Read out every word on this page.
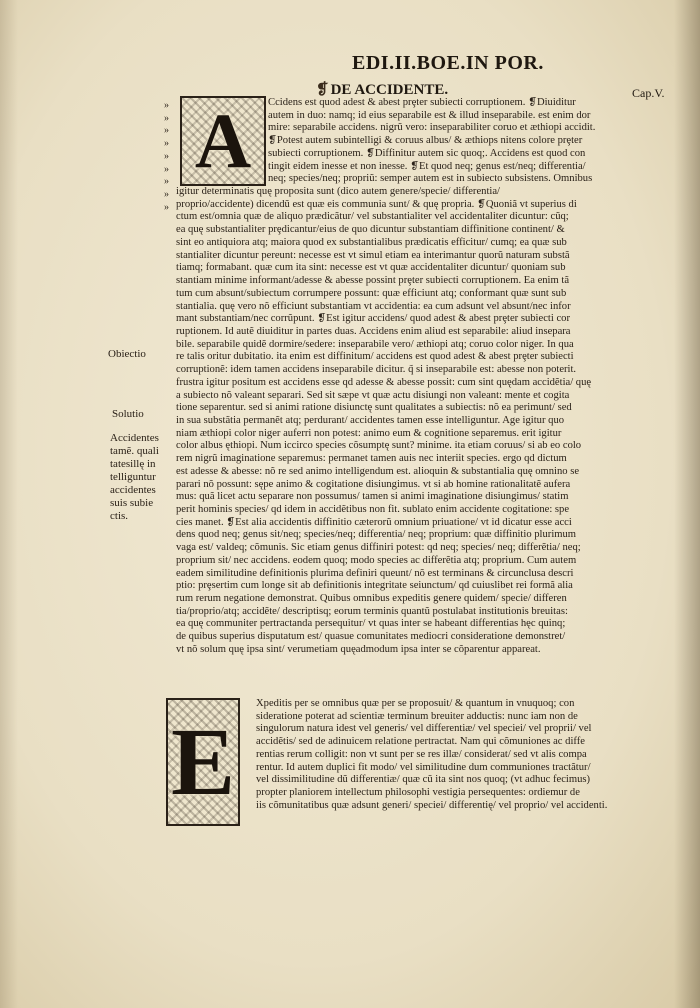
EDI.II.BOE.IN POR.
❡ DE ACCIDENTE.	Cap.V.
A
»
»
»
»
»
»
»
»
»
Ccidens est quod adest & abest prȩter subiecti corruptionem. ❡Diuiditur
autem in duo: namq; id eius separabile est & illud inseparabile. est enim dor
mire: separabile accidens. nigrũ vero: inseparabiliter coruo et æthiopi accidit.
❡Potest autem subintelligi & coruus albus/ & æthiops nitens colore prȩter
subiecti corruptionem. ❡Diffinitur autem sic quoq;. Accidens est quod con
tingit eidem inesse et non inesse. ❡Et quod neq; genus est/neq; differentia/
neq; species/neq; propriũ: semper autem est in subiecto subsistens. Omnibus
igitur determinatis quę proposita sunt (dico autem genere/specie/ differentia/
proprio/accidente) dicendũ est quæ eis communia sunt/ & quę propria. ❡Quoniã vt superius di
ctum est/omnia quæ de aliquo prædicãtur/ vel substantialiter vel accidentaliter dicuntur: cũq;
ea quę substantialiter prȩdicantur/eius de quo dicuntur substantiam diffinitione continent/ &
sint eo antiquiora atq; maiora quod ex substantialibus prædicatis efficitur/ cumq; ea quæ sub
stantialiter dicuntur pereunt: necesse est vt simul etiam ea interimantur quorũ naturam substã
tiamq; formabant. quæ cum ita sint: necesse est vt quæ accidentaliter dicuntur/ quoniam sub
stantiam minime informant/adesse & abesse possint prȩter subiecti corruptionem. Ea enim tã
tum cum absunt/subiectum corrumpere possunt: quæ efficiunt atq; conformant quæ sunt sub
stantialia. quę vero nõ efficiunt substantiam vt accidentia: ea cum adsunt vel absunt/nec infor
mant substantiam/nec corrũpunt. ❡Est igitur accidens/ quod adest & abest prȩter subiecti cor
ruptionem. Id autẽ diuiditur in partes duas. Accidens enim aliud est separabile: aliud insepara
bile. separabile quidẽ dormire/sedere: inseparabile vero/ æthiopi atq; coruo color niger. In qua
re talis oritur dubitatio. ita enim est diffinitum/ accidens est quod adest & abest prȩter subiecti
corruptionẽ: idem tamen accidens inseparabile dicitur. q̃ si inseparabile est: abesse non poterit.
frustra igitur positum est accidens esse qd adesse & abesse possit: cum sint quędam accidẽtia/ quę
a subiecto nõ valeant separari. Sed sit sæpe vt quæ actu disiungi non valeant: mente et cogita
tione separentur. sed si animi ratione disiunctę sunt qualitates a subiectis: nõ ea perimunt/ sed
in sua substãtia permanẽt atq; perdurant/ accidentes tamen esse intelliguntur. Age igitur quo
niam æthiopi color niger auferri non potest: animo eum & cognitione separemus. erit igitur
color albus ęthiopi. Num iccirco species cõsumptę sunt? minime. ita etiam coruus/ si ab eo colo
rem nigrũ imaginatione separemus: permanet tamen auis nec interiit species. ergo qd dictum
est adesse & abesse: nõ re sed animo intelligendum est. alioquin & substantialia quę omnino se
parari nõ possunt: sępe animo & cogitatione disiungimus. vt si ab homine rationalitatẽ aufera
mus: quã licet actu separare non possumus/ tamen si animi imaginatione disiungimus/ statim
perit hominis species/ qd idem in accidẽtibus non fit. sublato enim accidente cogitatione: spe
cies manet. ❡Est alia accidentis diffinitio cæterorũ omnium priuatione/ vt id dicatur esse acci
dens quod neq; genus sit/neq; species/neq; differentia/ neq; proprium: quæ diffinitio plurimum
vaga est/ valdeq; cõmunis. Sic etiam genus diffiniri potest: qd neq; species/ neq; differẽtia/ neq;
proprium sit/ nec accidens. eodem quoq; modo species ac differẽtia atq; proprium. Cum autem
eadem similitudine definitionis plurima definiri queunt/ nõ est terminans & circunclusa descri
ptio: prȩsertim cum longe sit ab definitionis integritate seiunctum/ qd cuiuslibet rei formã alia
rum rerum negatione demonstrat. Quibus omnibus expeditis genere quidem/ specie/ differen
tia/proprio/atq; accidẽte/ descriptisq; eorum terminis quantũ postulabat institutionis breuitas:
ea quę communiter pertractanda persequitur/ vt quas inter se habeant differentias hęc quinq;
de quibus superius disputatum est/ quasue comunitates mediocri consideratione demonstret/
vt nõ solum quę ipsa sint/ verumetiam quęadmodum ipsa inter se cõparentur appareat.
Obiectio
Solutio
Accidentes
tamẽ. quali
tatesillę in
telliguntur
accidentes
suis subie
ctis.
E
Xpeditis per se omnibus quæ per se proposuit/ & quantum in vnuquoq; con
sideratione poterat ad scientiæ terminum breuiter adductis: nunc iam non de
singulorum natura idest vel generis/ vel differentiæ/ vel speciei/ vel proprii/ vel
accidẽtis/ sed de adinuicem relatione pertractat. Nam qui cõmuniones ac diffe
rentias rerum colligit: non vt sunt per se res illæ/ considerat/ sed vt alis compa
rentur. Id autem duplici fit modo/ vel similitudine dum communiones tractãtur/
vel dissimilitudine dũ differentiæ/ quæ cũ ita sint nos quoq; (vt adhuc fecimus)
propter planiorem intellectum philosophi vestigia persequentes: ordiemur de
iis cõmunitatibus quæ adsunt generi/ speciei/ differentię/ vel proprio/ vel accidenti.
